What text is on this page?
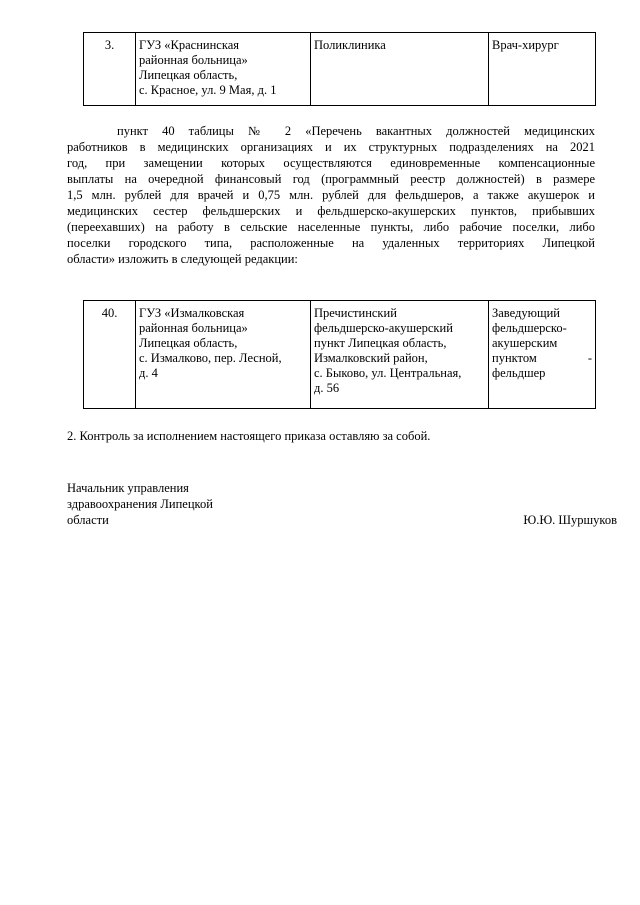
3.	ГУЗ «Краснинская
районная больница»
Липецкая область,
с. Красное, ул. 9 Мая, д. 1

Поликлиника	Врач-хирург
пункт 40 таблицы № 2 «Перечень вакантных должностей медицинских
работников в медицинских организациях и их структурных подразделениях на 2021
год, при замещении которых осуществляются единовременные компенсационные
выплаты на очередной финансовый год (программный реестр должностей) в размере
1,5 млн. рублей для врачей и 0,75 млн. рублей для фельдшеров, а также акушерок и
медицинских сестер фельдшерских и фельдшерско-акушерских пунктов, прибывших
(переехавших) на работу в сельские населенные пункты, либо рабочие поселки, либо
поселки городского типа, расположенные на удаленных территориях Липецкой
области» изложить в следующей редакции:
40.	ГУЗ «Измалковская
районная больница»
Липецкая область,
с. Измалково, пер. Лесной,
д. 4

Пречистинский
фельдшерско-акушерский
пункт Липецкая область,
Измалковский район,
с. Быково, ул. Центральная,
д. 56

Заведующий
фельдшерско-
акушерским
пунктом	-
фельдшер
2. Контроль за исполнением настоящего приказа оставляю за собой.
Начальник управления
здравоохранения Липецкой
области	Ю.Ю. Шуршуков
